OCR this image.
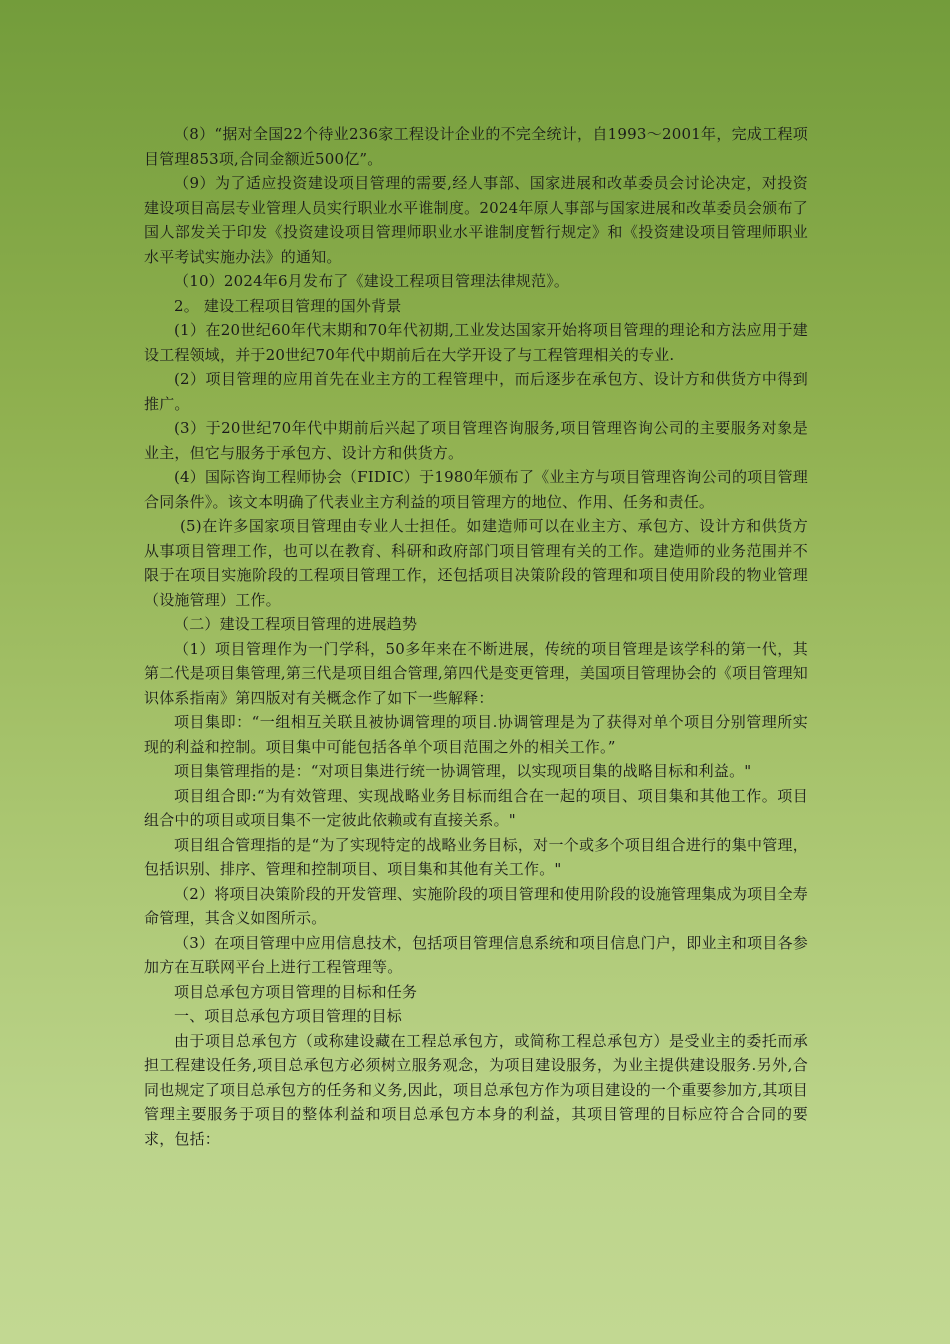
（8）“据对全国22个待业236家工程设计企业的不完全统计，自1993～2001年，完成工程项目管理853项,合同金额近500亿”。

（9）为了适应投资建设项目管理的需要,经人事部、国家进展和改革委员会讨论决定，对投资建设项目高层专业管理人员实行职业水平谁制度。2024年原人事部与国家进展和改革委员会颁布了国人部发关于印发《投资建设项目管理师职业水平谁制度暂行规定》和《投资建设项目管理师职业水平考试实施办法》的通知。

（10）2024年6月发布了《建设工程项目管理法律规范》。

2。 建设工程项目管理的国外背景

(1）在20世纪60年代末期和70年代初期,工业发达国家开始将项目管理的理论和方法应用于建设工程领域，并于20世纪70年代中期前后在大学开设了与工程管理相关的专业.

(2）项目管理的应用首先在业主方的工程管理中，而后逐步在承包方、设计方和供货方中得到推广。

(3）于20世纪70年代中期前后兴起了项目管理咨询服务,项目管理咨询公司的主要服务对象是业主，但它与服务于承包方、设计方和供货方。

(4）国际咨询工程师协会（FIDIC）于1980年颁布了《业主方与项目管理咨询公司的项目管理合同条件》。该文本明确了代表业主方利益的项目管理方的地位、作用、任务和责任。

(5)在许多国家项目管理由专业人士担任。如建造师可以在业主方、承包方、设计方和供货方从事项目管理工作，也可以在教育、科研和政府部门项目管理有关的工作。建造师的业务范围并不限于在项目实施阶段的工程项目管理工作，还包括项目决策阶段的管理和项目使用阶段的物业管理（设施管理）工作。

（二）建设工程项目管理的进展趋势

（1）项目管理作为一门学科，50多年来在不断进展，传统的项目管理是该学科的第一代，其第二代是项目集管理,第三代是项目组合管理,第四代是变更管理，美国项目管理协会的《项目管理知识体系指南》第四版对有关概念作了如下一些解释：

项目集即：“一组相互关联且被协调管理的项目.协调管理是为了获得对单个项目分别管理所实现的利益和控制。项目集中可能包括各单个项目范围之外的相关工作。”

项目集管理指的是：“对项目集进行统一协调管理，以实现项目集的战略目标和利益。"

项目组合即:“为有效管理、实现战略业务目标而组合在一起的项目、项目集和其他工作。项目组合中的项目或项目集不一定彼此依赖或有直接关系。"

项目组合管理指的是“为了实现特定的战略业务目标，对一个或多个项目组合进行的集中管理，包括识别、排序、管理和控制项目、项目集和其他有关工作。"

（2）将项目决策阶段的开发管理、实施阶段的项目管理和使用阶段的设施管理集成为项目全寿命管理，其含义如图所示。

（3）在项目管理中应用信息技术，包括项目管理信息系统和项目信息门户，即业主和项目各参加方在互联网平台上进行工程管理等。

项目总承包方项目管理的目标和任务

一、项目总承包方项目管理的目标

由于项目总承包方（或称建设藏在工程总承包方，或简称工程总承包方）是受业主的委托而承担工程建设任务,项目总承包方必须树立服务观念，为项目建设服务，为业主提供建设服务.另外,合同也规定了项目总承包方的任务和义务,因此，项目总承包方作为项目建设的一个重要参加方,其项目管理主要服务于项目的整体利益和项目总承包方本身的利益，其项目管理的目标应符合合同的要求，包括：
